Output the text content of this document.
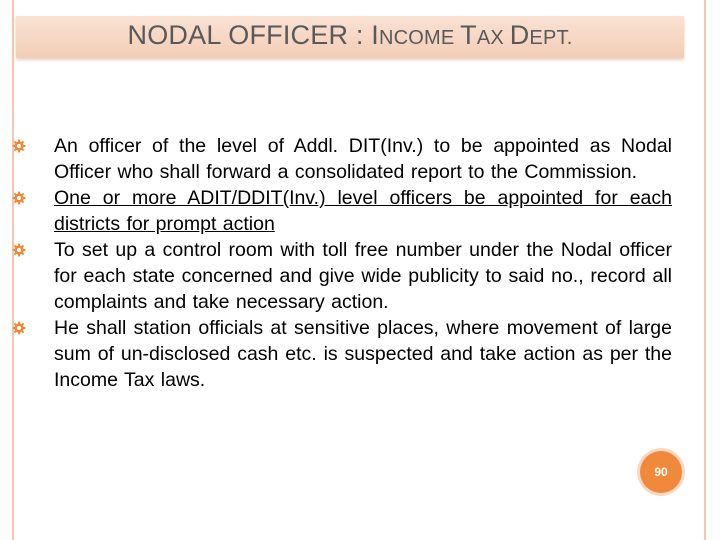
NODAL OFFICER : INCOME TAX DEPT.
An officer of the level of Addl. DIT(Inv.) to be appointed as Nodal Officer who shall forward a consolidated report to the Commission.
One or more ADIT/DDIT(Inv.) level officers be appointed for each districts for prompt action
To set up a control room with toll free number under the Nodal officer for each state concerned and give wide publicity to said no., record all complaints and take necessary action.
He shall station officials at sensitive places, where movement of large sum of un-disclosed cash etc. is suspected and take action as per the Income Tax laws.
90
